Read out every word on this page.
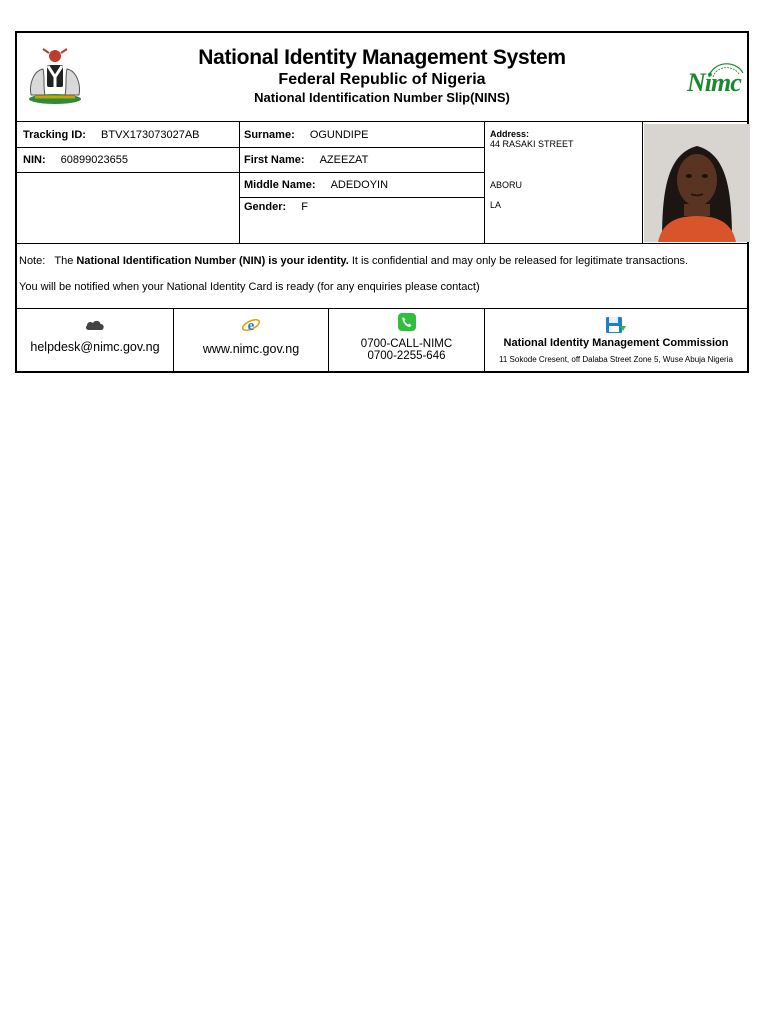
National Identity Management System
Federal Republic of Nigeria
National Identification Number Slip(NINS)
Nimc
Tracking ID: BTVX173073027AB
NIN: 60899023655
Surname: OGUNDIPE
First Name: AZEEZAT
Middle Name: ADEDOYIN
Gender: F
Address:
44 RASAKI STREET
ABORU
LA
Note: The National Identification Number (NIN) is your identity. It is confidential and may only be released for legitimate transactions.
You will be notified when your National Identity Card is ready (for any enquiries please contact)
helpdesk@nimc.gov.ng
e
www.nimc.gov.ng	0700-CALL-NIMC
0700-2255-646
National Identity Management Commission
11 Sokode Cresent, off Dalaba Street Zone 5, Wuse Abuja Nigeria
